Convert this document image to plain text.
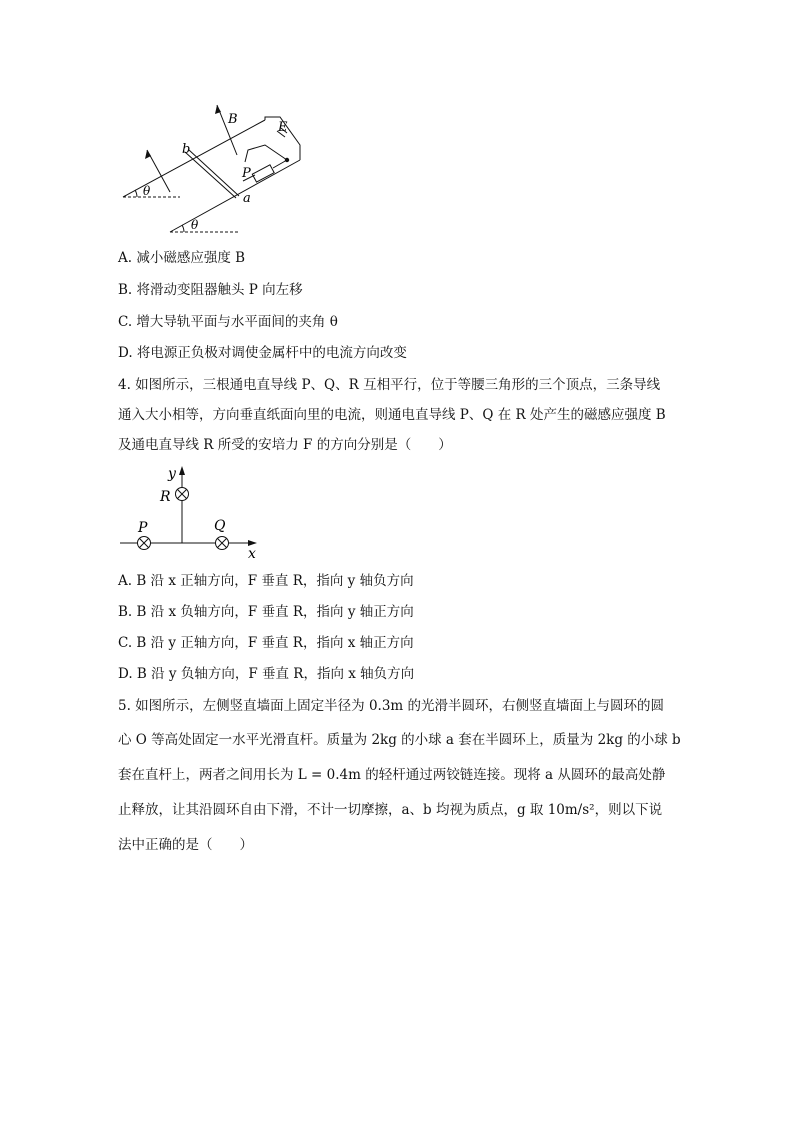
B
E
b
P
a
θ
θ
A. 减小磁感应强度 B
B. 将滑动变阻器触头 P 向左移
C. 增大导轨平面与水平面间的夹角 θ
D. 将电源正负极对调使金属杆中的电流方向改变
4. 如图所示，三根通电直导线 P、Q、R 互相平行，位于等腰三角形的三个顶点，三条导线
通入大小相等，方向垂直纸面向里的电流，则通电直导线 P、Q 在 R 处产生的磁感应强度 B
及通电直导线 R 所受的安培力 F 的方向分别是（　　）
y
x
R
P	Q
A. B 沿 x 正轴方向，F 垂直 R，指向 y 轴负方向
B. B 沿 x 负轴方向，F 垂直 R，指向 y 轴正方向
C. B 沿 y 正轴方向，F 垂直 R，指向 x 轴正方向
D. B 沿 y 负轴方向，F 垂直 R，指向 x 轴负方向
5. 如图所示，左侧竖直墙面上固定半径为 0.3m 的光滑半圆环，右侧竖直墙面上与圆环的圆
心 O 等高处固定一水平光滑直杆。质量为 2kg 的小球 a 套在半圆环上，质量为 2kg 的小球 b
套在直杆上，两者之间用长为 L = 0.4m 的轻杆通过两铰链连接。现将 a 从圆环的最高处静
止释放，让其沿圆环自由下滑，不计一切摩擦，a、b 均视为质点，g 取 10m/s²，则以下说
法中正确的是（　　）
